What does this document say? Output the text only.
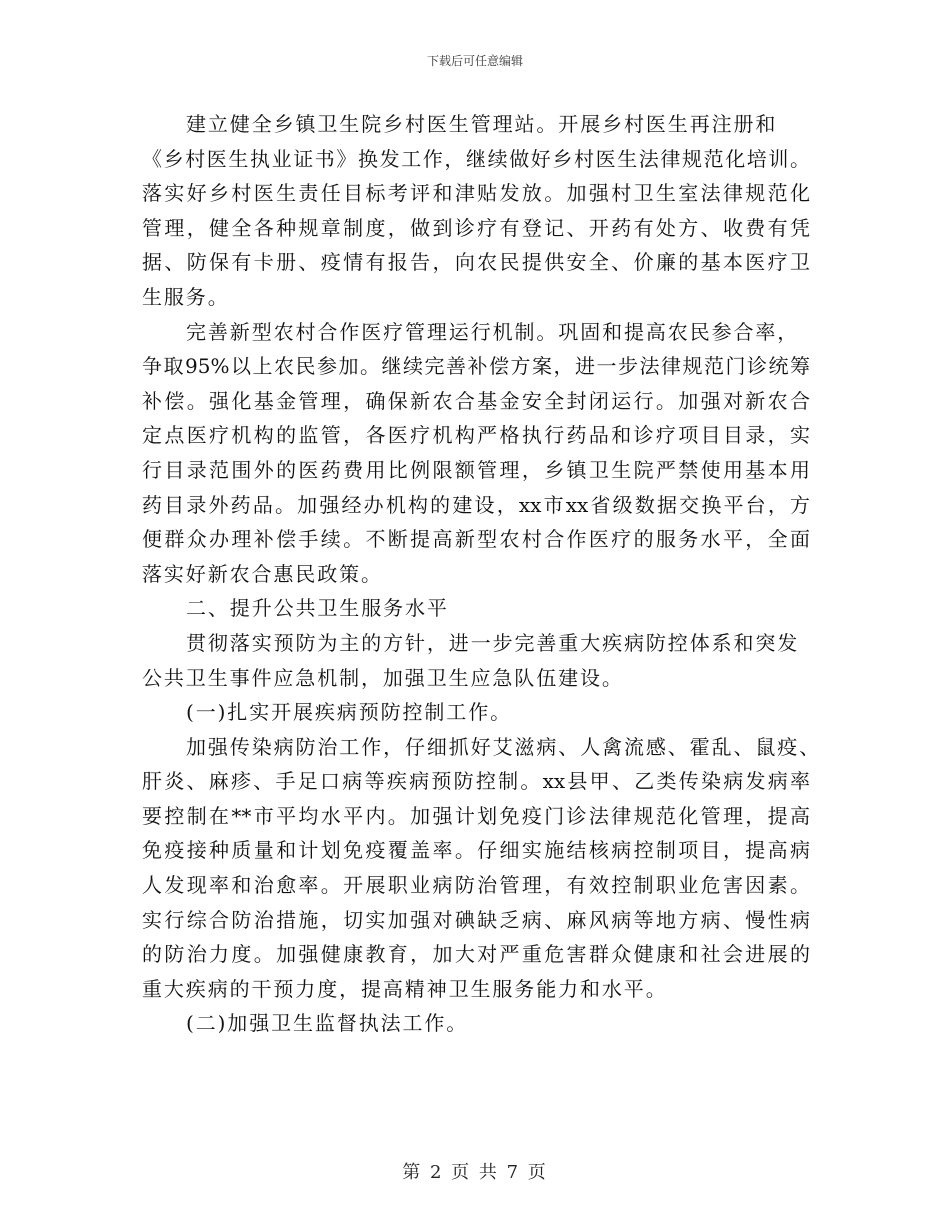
下载后可任意编辑
建立健全乡镇卫生院乡村医生管理站。开展乡村医生再注册和
《乡村医生执业证书》换发工作，继续做好乡村医生法律规范化培训。
落实好乡村医生责任目标考评和津贴发放。加强村卫生室法律规范化
管理，健全各种规章制度，做到诊疗有登记、开药有处方、收费有凭
据、防保有卡册、疫情有报告，向农民提供安全、价廉的基本医疗卫
生服务。
完善新型农村合作医疗管理运行机制。巩固和提高农民参合率，
争取95%以上农民参加。继续完善补偿方案，进一步法律规范门诊统筹
补偿。强化基金管理，确保新农合基金安全封闭运行。加强对新农合
定点医疗机构的监管，各医疗机构严格执行药品和诊疗项目目录，实
行目录范围外的医药费用比例限额管理，乡镇卫生院严禁使用基本用
药目录外药品。加强经办机构的建设，xx市xx省级数据交换平台，方
便群众办理补偿手续。不断提高新型农村合作医疗的服务水平，全面
落实好新农合惠民政策。
二、提升公共卫生服务水平
贯彻落实预防为主的方针，进一步完善重大疾病防控体系和突发
公共卫生事件应急机制，加强卫生应急队伍建设。
(一)扎实开展疾病预防控制工作。
加强传染病防治工作，仔细抓好艾滋病、人禽流感、霍乱、鼠疫、
肝炎、麻疹、手足口病等疾病预防控制。xx县甲、乙类传染病发病率
要控制在**市平均水平内。加强计划免疫门诊法律规范化管理，提高
免疫接种质量和计划免疫覆盖率。仔细实施结核病控制项目，提高病
人发现率和治愈率。开展职业病防治管理，有效控制职业危害因素。
实行综合防治措施，切实加强对碘缺乏病、麻风病等地方病、慢性病
的防治力度。加强健康教育，加大对严重危害群众健康和社会进展的
重大疾病的干预力度，提高精神卫生服务能力和水平。
(二)加强卫生监督执法工作。
第 2 页 共 7 页
